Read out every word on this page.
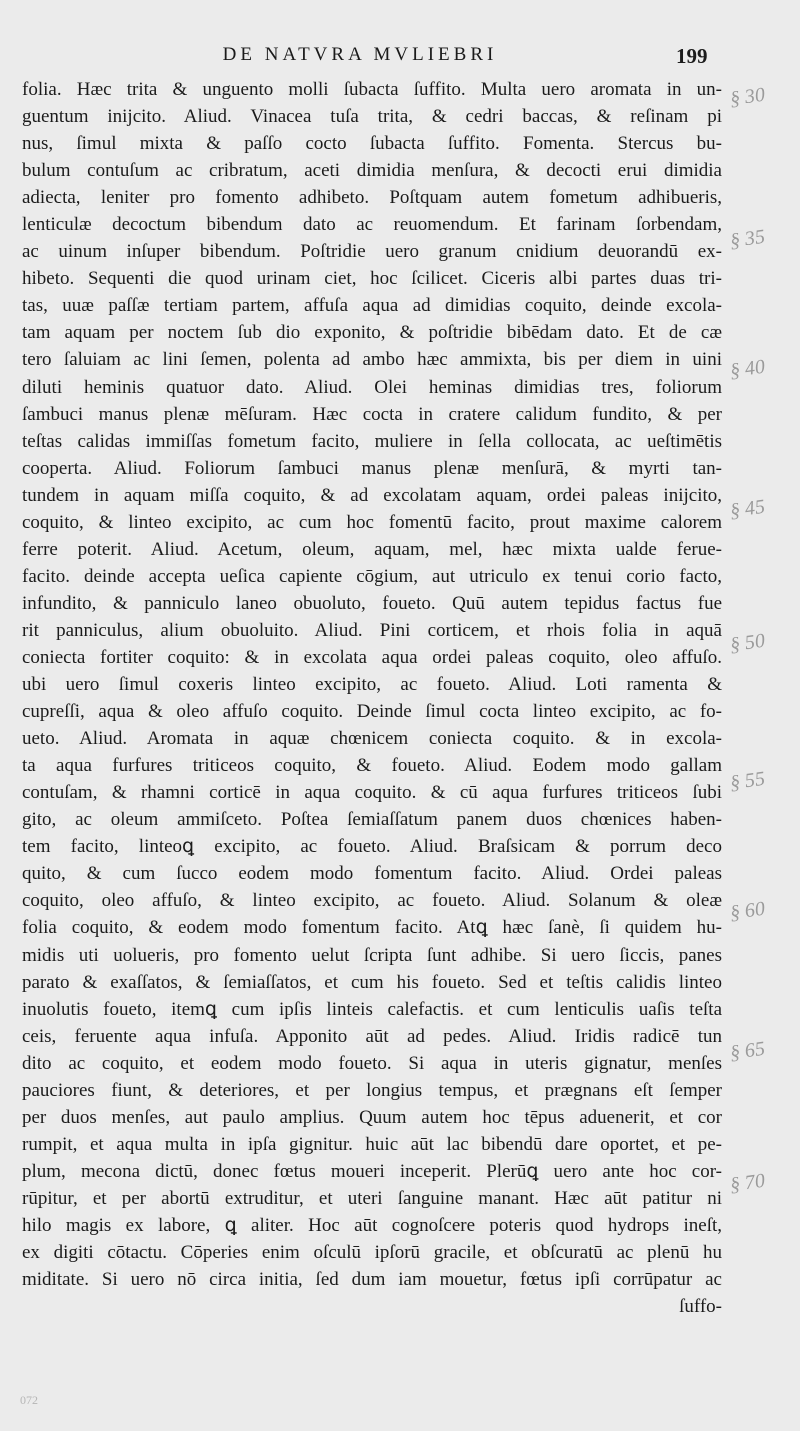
DE NATVRA MVLIEBRI	199
folia. Hæc trita & unguento molli ſubacta ſuffito. Multa uero aromata in un-
guentum inijcito. Aliud. Vinacea tuſa trita, & cedri baccas, & reſinam pi
nus, ſimul mixta & paſſo cocto ſubacta ſuffito. Fomenta. Stercus bu-
bulum contuſum ac cribratum, aceti dimidia menſura, & decocti erui dimidia
adiecta, leniter pro fomento adhibeto. Poſtquam autem fometum adhibueris,
lenticulæ decoctum bibendum dato ac reuomendum. Et farinam ſorbendam,
ac uinum inſuper bibendum. Poſtridie uero granum cnidium deuorandū ex-
hibeto. Sequenti die quod urinam ciet, hoc ſcilicet. Ciceris albi partes duas tri-
tas, uuæ paſſæ tertiam partem, affuſa aqua ad dimidias coquito, deinde excola-
tam aquam per noctem ſub dio exponito, & poſtridie bibēdam dato. Et de cæ
tero ſaluiam ac lini ſemen, polenta ad ambo hæc ammixta, bis per diem in uini
diluti heminis quatuor dato. Aliud. Olei heminas dimidias tres, foliorum
ſambuci manus plenæ mēſuram. Hæc cocta in cratere calidum fundito, & per
teſtas calidas immiſſas fometum facito, muliere in ſella collocata, ac ueſtimētis
cooperta. Aliud. Foliorum ſambuci manus plenæ menſurā, & myrti tan-
tundem in aquam miſſa coquito, & ad excolatam aquam, ordei paleas inijcito,
coquito, & linteo excipito, ac cum hoc fomentū facito, prout maxime calorem
ferre poterit. Aliud. Acetum, oleum, aquam, mel, hæc mixta ualde ferue-
facito. deinde accepta ueſica capiente cōgium, aut utriculo ex tenui corio facto,
infundito, & panniculo laneo obuoluto, foueto. Quū autem tepidus factus fue
rit panniculus, alium obuoluito. Aliud. Pini corticem, et rhois folia in aquā
coniecta fortiter coquito: & in excolata aqua ordei paleas coquito, oleo affuſo.
ubi uero ſimul coxeris linteo excipito, ac foueto. Aliud. Loti ramenta &
cupreſſi, aqua & oleo affuſo coquito. Deinde ſimul cocta linteo excipito, ac fo-
ueto. Aliud. Aromata in aquæ chœnicem coniecta coquito. & in excola-
ta aqua furfures triticeos coquito, & foueto. Aliud. Eodem modo gallam
contuſam, & rhamni corticē in aqua coquito. & cū aqua furfures triticeos ſubi
gito, ac oleum ammiſceto. Poſtea ſemiaſſatum panem duos chœnices haben-
tem facito, linteoꝗ excipito, ac foueto. Aliud. Braſsicam & porrum deco
quito, & cum ſucco eodem modo fomentum facito. Aliud. Ordei paleas
coquito, oleo affuſo, & linteo excipito, ac foueto. Aliud. Solanum & oleæ
folia coquito, & eodem modo fomentum facito. Atꝗ hæc ſanè, ſi quidem hu-
midis uti uolueris, pro fomento uelut ſcripta ſunt adhibe. Si uero ſiccis, panes
parato & exaſſatos, & ſemiaſſatos, et cum his foueto. Sed et teſtis calidis linteo
inuolutis foueto, itemꝗ cum ipſis linteis calefactis. et cum lenticulis uaſis teſta
ceis, feruente aqua infuſa. Apponito aūt ad pedes. Aliud. Iridis radicē tun
dito ac coquito, et eodem modo foueto. Si aqua in uteris gignatur, menſes
pauciores fiunt, & deteriores, et per longius tempus, et prægnans eſt ſemper
per duos menſes, aut paulo amplius. Quum autem hoc tēpus aduenerit, et cor
rumpit, et aqua multa in ipſa gignitur. huic aūt lac bibendū dare oportet, et pe-
plum, mecona dictū, donec fœtus moueri inceperit. Plerūꝗ uero ante hoc cor-
rūpitur, et per abortū extruditur, et uteri ſanguine manant. Hæc aūt patitur ni
hilo magis ex labore, ꝗ aliter. Hoc aūt cognoſcere poteris quod hydrops ineſt,
ex digiti cōtactu. Cōperies enim oſculū ipſorū gracile, et obſcuratū ac plenū hu
miditate. Si uero nō circa initia, ſed dum iam mouetur, fœtus ipſi corrūpatur ac
ſuffo-
§ 30
§ 35
§ 40
§ 45
§ 50
§ 55
§ 60
§ 65
§ 70
072
